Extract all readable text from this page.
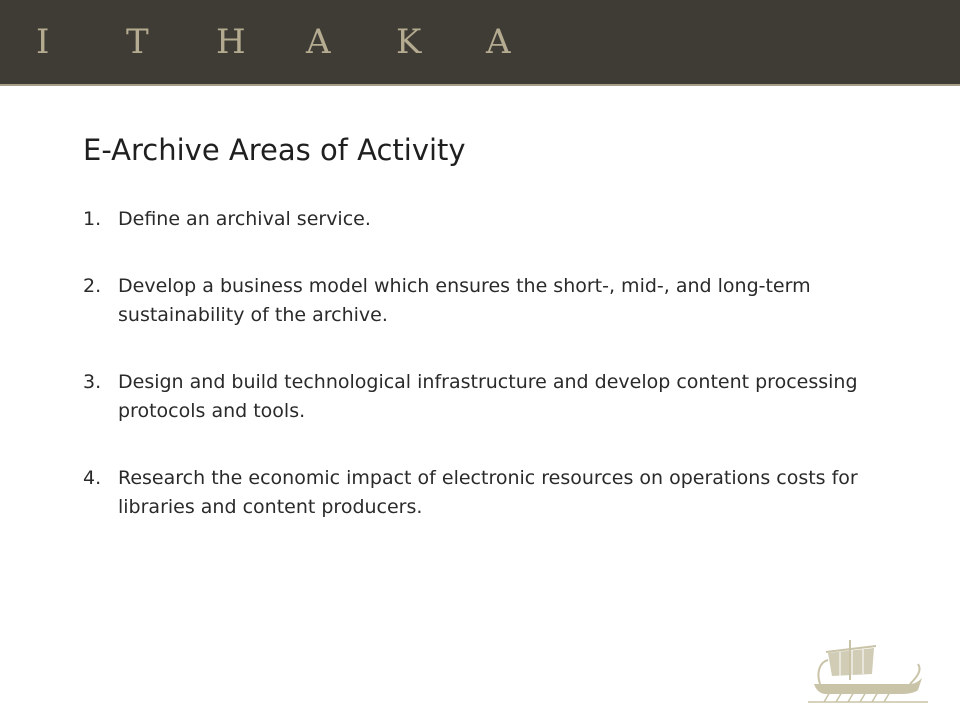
I	T	H	A	K	A
E-Archive Areas of Activity
1. Define an archival service.
2. Develop a business model which ensures the short-, mid-, and long-term sustainability of the archive.
3. Design and build technological infrastructure and develop content processing protocols and tools.
4. Research the economic impact of electronic resources on operations costs for libraries and content producers.
